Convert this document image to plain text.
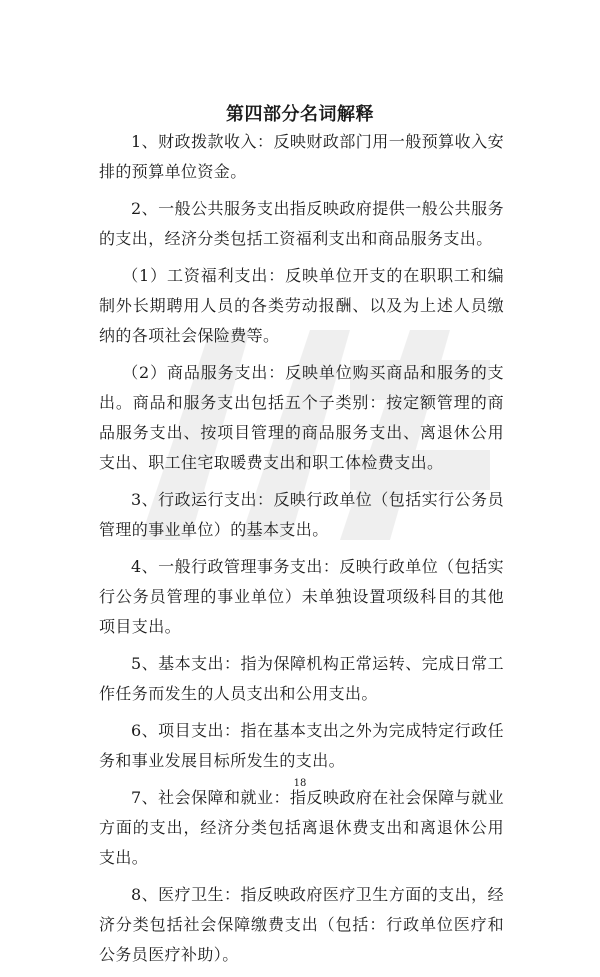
第四部分名词解释

1、财政拨款收入：反映财政部门用一般预算收入安排的预算单位资金。

2、一般公共服务支出指反映政府提供一般公共服务的支出，经济分类包括工资福利支出和商品服务支出。

（1）工资福利支出：反映单位开支的在职职工和编制外长期聘用人员的各类劳动报酬、以及为上述人员缴纳的各项社会保险费等。

（2）商品服务支出：反映单位购买商品和服务的支出。商品和服务支出包括五个子类别：按定额管理的商品服务支出、按项目管理的商品服务支出、离退休公用支出、职工住宅取暖费支出和职工体检费支出。

3、行政运行支出：反映行政单位（包括实行公务员管理的事业单位）的基本支出。

4、一般行政管理事务支出：反映行政单位（包括实行公务员管理的事业单位）未单独设置项级科目的其他项目支出。

5、基本支出：指为保障机构正常运转、完成日常工作任务而发生的人员支出和公用支出。

6、项目支出：指在基本支出之外为完成特定行政任务和事业发展目标所发生的支出。

7、社会保障和就业：指反映政府在社会保障与就业方面的支出，经济分类包括离退休费支出和离退休公用支出。

8、医疗卫生：指反映政府医疗卫生方面的支出，经济分类包括社会保障缴费支出（包括：行政单位医疗和公务员医疗补助）。

18
